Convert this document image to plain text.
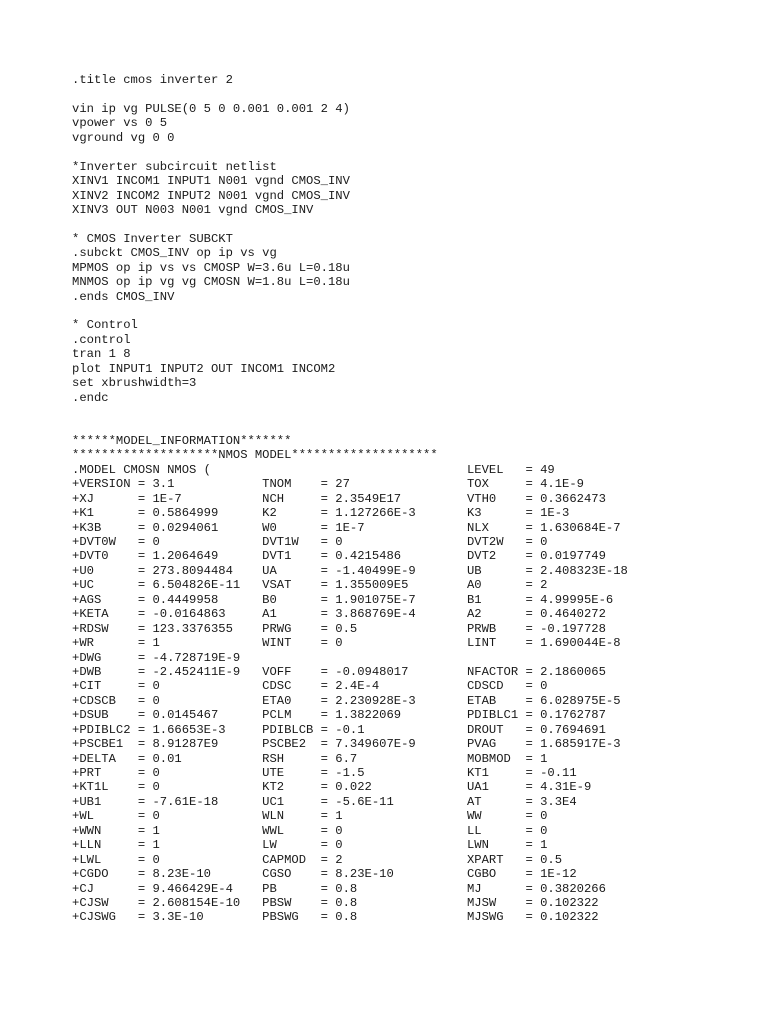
.title cmos inverter 2
vin ip vg PULSE(0 5 0 0.001 0.001 2 4)
vpower vs 0 5
vground vg 0 0
*Inverter subcircuit netlist
XINV1 INCOM1 INPUT1 N001 vgnd CMOS_INV
XINV2 INCOM2 INPUT2 N001 vgnd CMOS_INV
XINV3 OUT N003 N001 vgnd CMOS_INV
* CMOS Inverter SUBCKT
.subckt CMOS_INV op ip vs vg
MPMOS op ip vs vs CMOSP W=3.6u L=0.18u
MNMOS op ip vg vg CMOSN W=1.8u L=0.18u
.ends CMOS_INV
* Control
.control
tran 1 8
plot INPUT1 INPUT2 OUT INCOM1 INCOM2
set xbrushwidth=3
.endc
******MODEL_INFORMATION*******
********************NMOS MODEL********************
.MODEL CMOSN NMOS (                                   LEVEL   = 49
+VERSION = 3.1            TNOM    = 27                TOX     = 4.1E-9
+XJ      = 1E-7           NCH     = 2.3549E17         VTH0    = 0.3662473
+K1      = 0.5864999      K2      = 1.127266E-3       K3      = 1E-3
+K3B     = 0.0294061      W0      = 1E-7              NLX     = 1.630684E-7
+DVT0W   = 0              DVT1W   = 0                 DVT2W   = 0
+DVT0    = 1.2064649      DVT1    = 0.4215486         DVT2    = 0.0197749
+U0      = 273.8094484    UA      = -1.40499E-9       UB      = 2.408323E-18
+UC      = 6.504826E-11   VSAT    = 1.355009E5        A0      = 2
+AGS     = 0.4449958      B0      = 1.901075E-7       B1      = 4.99995E-6
+KETA    = -0.0164863     A1      = 3.868769E-4       A2      = 0.4640272
+RDSW    = 123.3376355    PRWG    = 0.5               PRWB    = -0.197728
+WR      = 1              WINT    = 0                 LINT    = 1.690044E-8
+DWG     = -4.728719E-9
+DWB     = -2.452411E-9   VOFF    = -0.0948017        NFACTOR = 2.1860065
+CIT     = 0              CDSC    = 2.4E-4            CDSCD   = 0
+CDSCB   = 0              ETA0    = 2.230928E-3       ETAB    = 6.028975E-5
+DSUB    = 0.0145467      PCLM    = 1.3822069         PDIBLC1 = 0.1762787
+PDIBLC2 = 1.66653E-3     PDIBLCB = -0.1              DROUT   = 0.7694691
+PSCBE1  = 8.91287E9      PSCBE2  = 7.349607E-9       PVAG    = 1.685917E-3
+DELTA   = 0.01           RSH     = 6.7               MOBMOD  = 1
+PRT     = 0              UTE     = -1.5              KT1     = -0.11
+KT1L    = 0              KT2     = 0.022             UA1     = 4.31E-9
+UB1     = -7.61E-18      UC1     = -5.6E-11          AT      = 3.3E4
+WL      = 0              WLN     = 1                 WW      = 0
+WWN     = 1              WWL     = 0                 LL      = 0
+LLN     = 1              LW      = 0                 LWN     = 1
+LWL     = 0              CAPMOD  = 2                 XPART   = 0.5
+CGDO    = 8.23E-10       CGSO    = 8.23E-10          CGBO    = 1E-12
+CJ      = 9.466429E-4    PB      = 0.8               MJ      = 0.3820266
+CJSW    = 2.608154E-10   PBSW    = 0.8               MJSW    = 0.102322
+CJSWG   = 3.3E-10        PBSWG   = 0.8               MJSWG   = 0.102322
